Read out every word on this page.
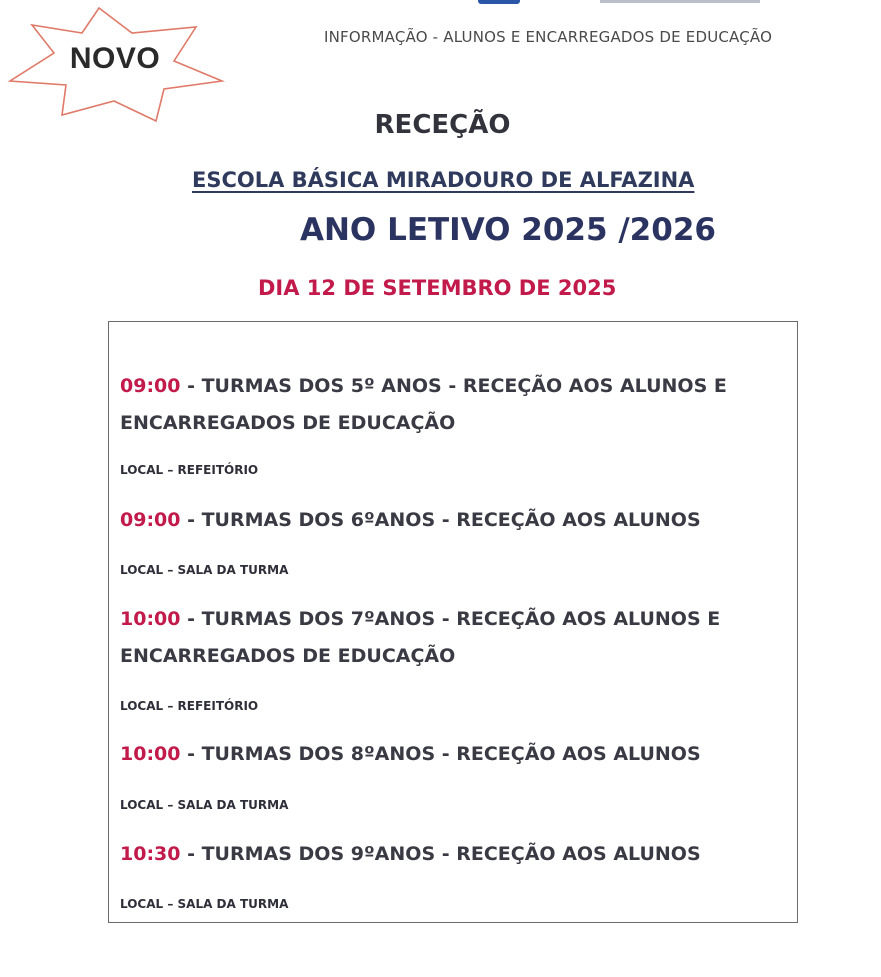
NOVO
INFORMAÇÃO - ALUNOS E ENCARREGADOS DE EDUCAÇÃO
RECEÇÃO
ESCOLA BÁSICA MIRADOURO DE ALFAZINA
ANO LETIVO 2025 /2026
DIA 12 DE SETEMBRO DE 2025
09:00 - TURMAS DOS 5º ANOS - RECEÇÃO AOS ALUNOS E ENCARREGADOS DE EDUCAÇÃO
LOCAL – REFEITÓRIO
09:00 - TURMAS DOS 6ºANOS - RECEÇÃO AOS ALUNOS
LOCAL – SALA DA TURMA
10:00 - TURMAS DOS 7ºANOS - RECEÇÃO AOS ALUNOS E ENCARREGADOS DE EDUCAÇÃO
LOCAL – REFEITÓRIO
10:00 - TURMAS DOS 8ºANOS - RECEÇÃO AOS ALUNOS
LOCAL – SALA DA TURMA
10:30 - TURMAS DOS 9ºANOS - RECEÇÃO AOS ALUNOS
LOCAL – SALA DA TURMA
